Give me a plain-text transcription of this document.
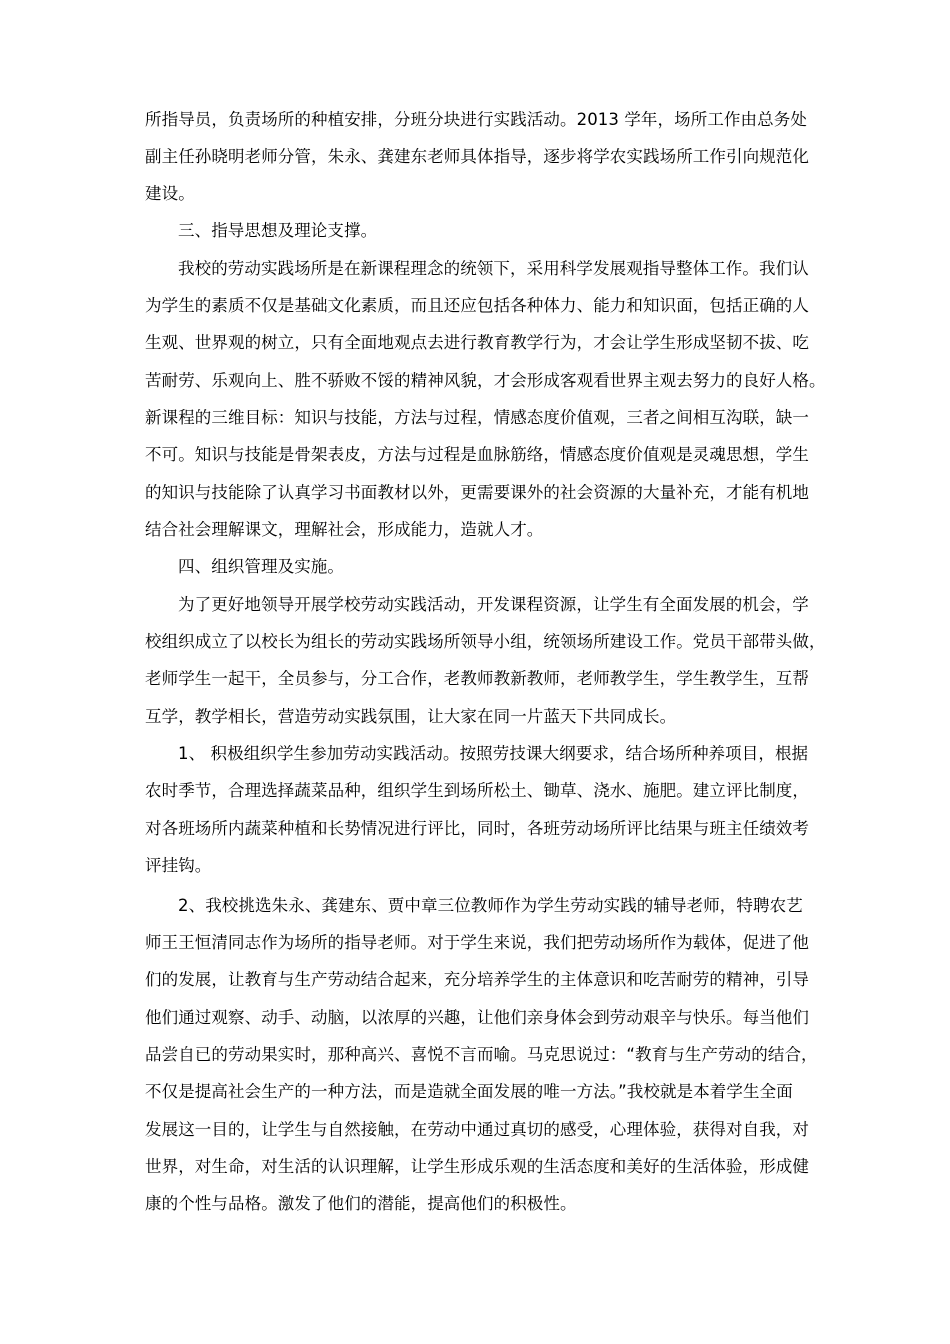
所指导员，负责场所的种植安排，分班分块进行实践活动。2013 学年，场所工作由总务处
副主任孙晓明老师分管，朱永、龚建东老师具体指导，逐步将学农实践场所工作引向规范化
建设。
三、指导思想及理论支撑。
我校的劳动实践场所是在新课程理念的统领下，采用科学发展观指导整体工作。我们认
为学生的素质不仅是基础文化素质，而且还应包括各种体力、能力和知识面，包括正确的人
生观、世界观的树立，只有全面地观点去进行教育教学行为，才会让学生形成坚韧不拔、吃
苦耐劳、乐观向上、胜不骄败不馁的精神风貌，才会形成客观看世界主观去努力的良好人格。
新课程的三维目标：知识与技能，方法与过程，情感态度价值观，三者之间相互沟联，缺一
不可。知识与技能是骨架表皮，方法与过程是血脉筋络，情感态度价值观是灵魂思想，学生
的知识与技能除了认真学习书面教材以外，更需要课外的社会资源的大量补充，才能有机地
结合社会理解课文，理解社会，形成能力，造就人才。
四、组织管理及实施。
为了更好地领导开展学校劳动实践活动，开发课程资源，让学生有全面发展的机会，学
校组织成立了以校长为组长的劳动实践场所领导小组，统领场所建设工作。党员干部带头做，
老师学生一起干，全员参与，分工合作，老教师教新教师，老师教学生，学生教学生，互帮
互学，教学相长，营造劳动实践氛围，让大家在同一片蓝天下共同成长。
1、 积极组织学生参加劳动实践活动。按照劳技课大纲要求，结合场所种养项目，根据
农时季节，合理选择蔬菜品种，组织学生到场所松土、锄草、浇水、施肥。建立评比制度，
对各班场所内蔬菜种植和长势情况进行评比，同时，各班劳动场所评比结果与班主任绩效考
评挂钩。
2、我校挑选朱永、龚建东、贾中章三位教师作为学生劳动实践的辅导老师，特聘农艺
师王王恒清同志作为场所的指导老师。对于学生来说，我们把劳动场所作为载体，促进了他
们的发展，让教育与生产劳动结合起来，充分培养学生的主体意识和吃苦耐劳的精神，引导
他们通过观察、动手、动脑，以浓厚的兴趣，让他们亲身体会到劳动艰辛与快乐。每当他们
品尝自已的劳动果实时，那种高兴、喜悦不言而喻。马克思说过：“教育与生产劳动的结合，
不仅是提高社会生产的一种方法，而是造就全面发展的唯一方法。”我校就是本着学生全面
发展这一目的，让学生与自然接触，在劳动中通过真切的感受，心理体验，获得对自我，对
世界，对生命，对生活的认识理解，让学生形成乐观的生活态度和美好的生活体验，形成健
康的个性与品格。激发了他们的潜能，提高他们的积极性。
